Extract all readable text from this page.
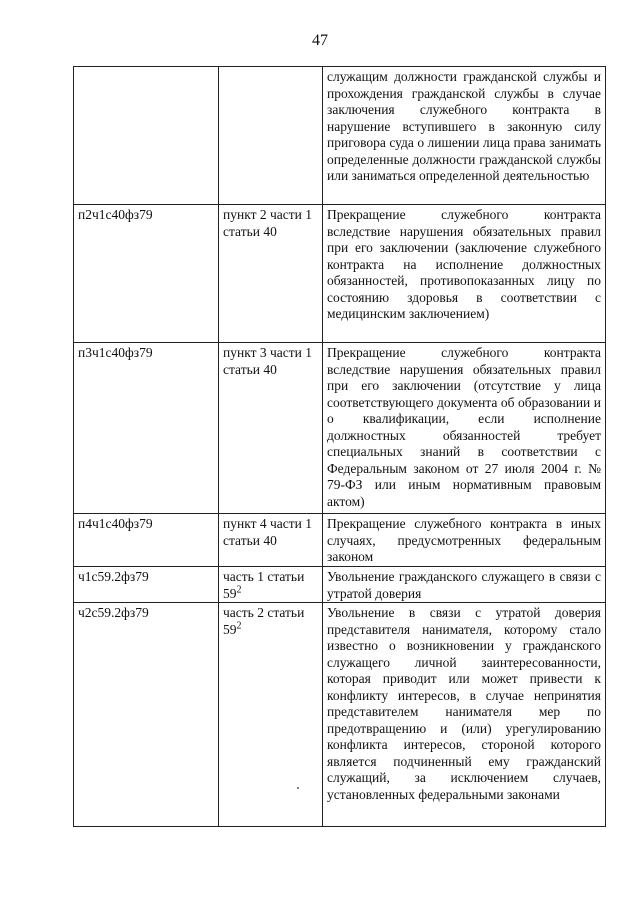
47
		служащим должности гражданской службы и прохождения гражданской службы в случае заключения служебного контракта в нарушение вступившего в законную силу приговора суда о лишении лица права занимать определенные должности гражданской службы или заниматься определенной деятельностью
п2ч1с40фз79	пункт 2 части 1 статьи 40	Прекращение служебного контракта вследствие нарушения обязательных правил при его заключении (заключение служебного контракта на исполнение должностных обязанностей, противопоказанных лицу по состоянию здоровья в соответствии с медицинским заключением)
п3ч1с40фз79	пункт 3 части 1 статьи 40	Прекращение служебного контракта вследствие нарушения обязательных правил при его заключении (отсутствие у лица соответствующего документа об образовании и о квалификации, если исполнение должностных обязанностей требует специальных знаний в соответствии с Федеральным законом от 27 июля 2004 г. № 79-ФЗ или иным нормативным правовым актом)
п4ч1с40фз79	пункт 4 части 1 статьи 40	Прекращение служебного контракта в иных случаях, предусмотренных федеральным законом
ч1с59.2фз79	часть 1 статьи 59$^2$	Увольнение гражданского служащего в связи с утратой доверия
ч2с59.2фз79	часть 2 статьи 59$^2$	Увольнение в связи с утратой доверия представителя нанимателя, которому стало известно о возникновении у гражданского служащего личной заинтересованности, которая приводит или может привести к конфликту интересов, в случае непринятия представителем нанимателя мер по предотвращению и (или) урегулированию конфликта интересов, стороной которого является подчиненный ему гражданский служащий, за исключением случаев, установленных федеральными законами
